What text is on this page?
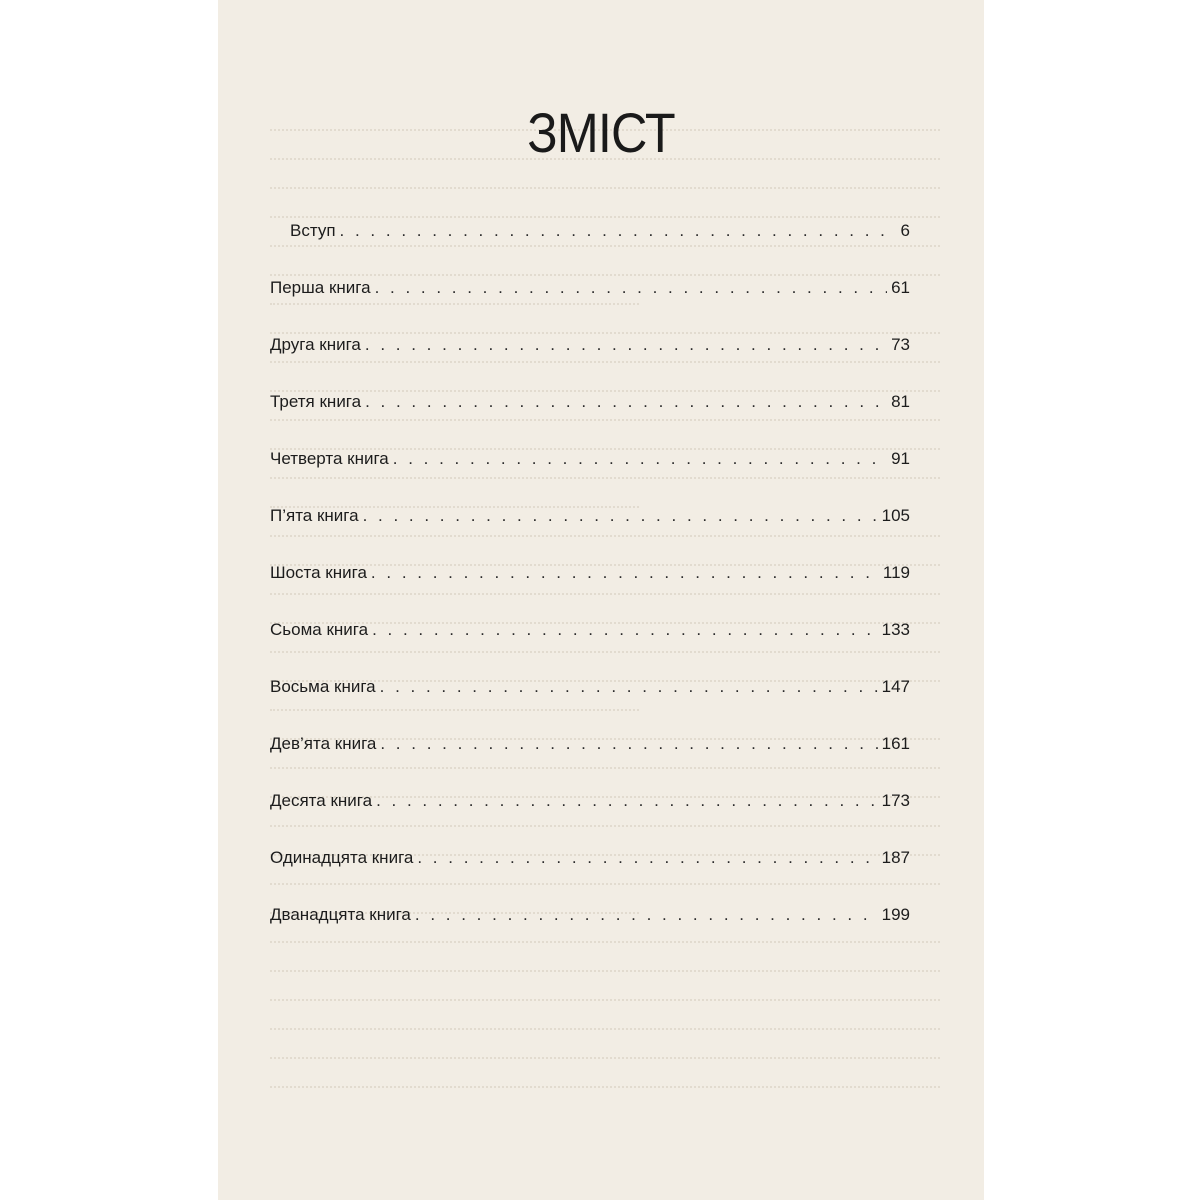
ЗМІСТ
Вступ . . .	6
Перша книга . . .	61
Друга книга . . .	73
Третя книга . . .	81
Четверта книга . . .	91
П’ята книга . . .	105
Шоста книга . . .	119
Сьома книга . . .	133
Восьма книга . . .	147
Дев’ята книга . . .	161
Десята книга . . .	173
Одинадцята книга . . .	187
Дванадцята книга . . .	199
